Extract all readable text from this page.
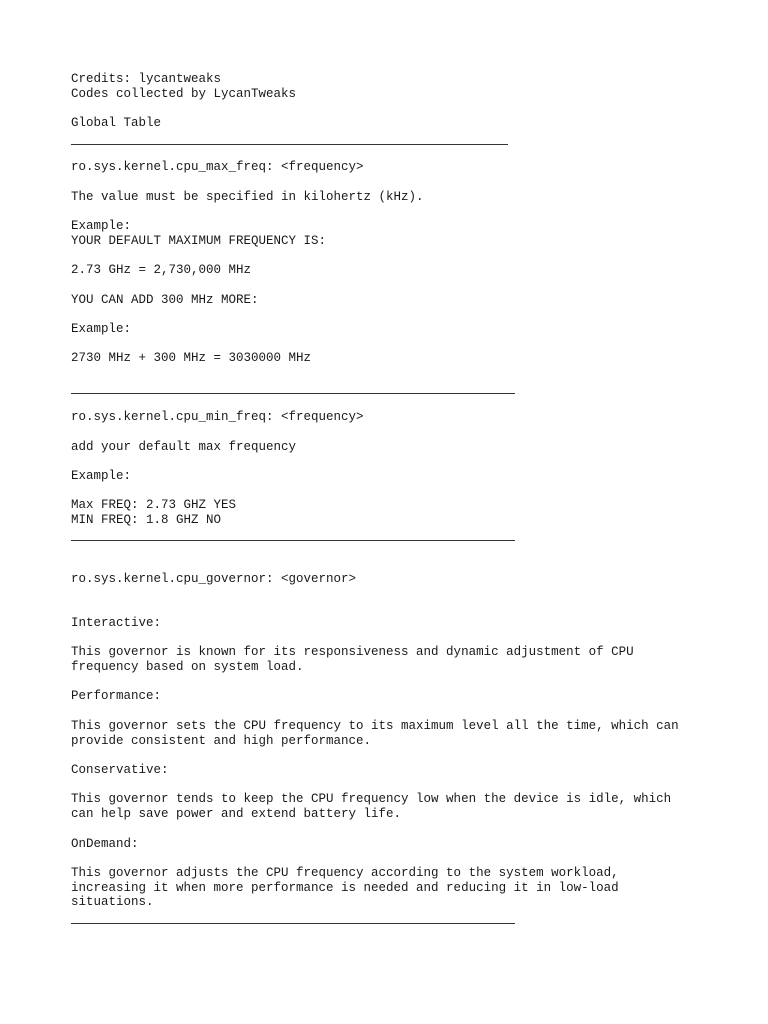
Credits: lycantweaks
Codes collected by LycanTweaks

Global Table

ro.sys.kernel.cpu_max_freq: <frequency>

The value must be specified in kilohertz (kHz).

Example:
YOUR DEFAULT MAXIMUM FREQUENCY IS:

2.73 GHz = 2,730,000 MHz

YOU CAN ADD 300 MHz MORE:

Example:

2730 MHz + 300 MHz = 3030000 MHz

ro.sys.kernel.cpu_min_freq: <frequency>

add your default max frequency

Example:

Max FREQ: 2.73 GHZ YES
MIN FREQ: 1.8 GHZ NO

ro.sys.kernel.cpu_governor: <governor>

Interactive:

This governor is known for its responsiveness and dynamic adjustment of CPU
frequency based on system load.

Performance:

This governor sets the CPU frequency to its maximum level all the time, which can
provide consistent and high performance.

Conservative:

This governor tends to keep the CPU frequency low when the device is idle, which
can help save power and extend battery life.

OnDemand:

This governor adjusts the CPU frequency according to the system workload,
increasing it when more performance is needed and reducing it in low-load
situations.
